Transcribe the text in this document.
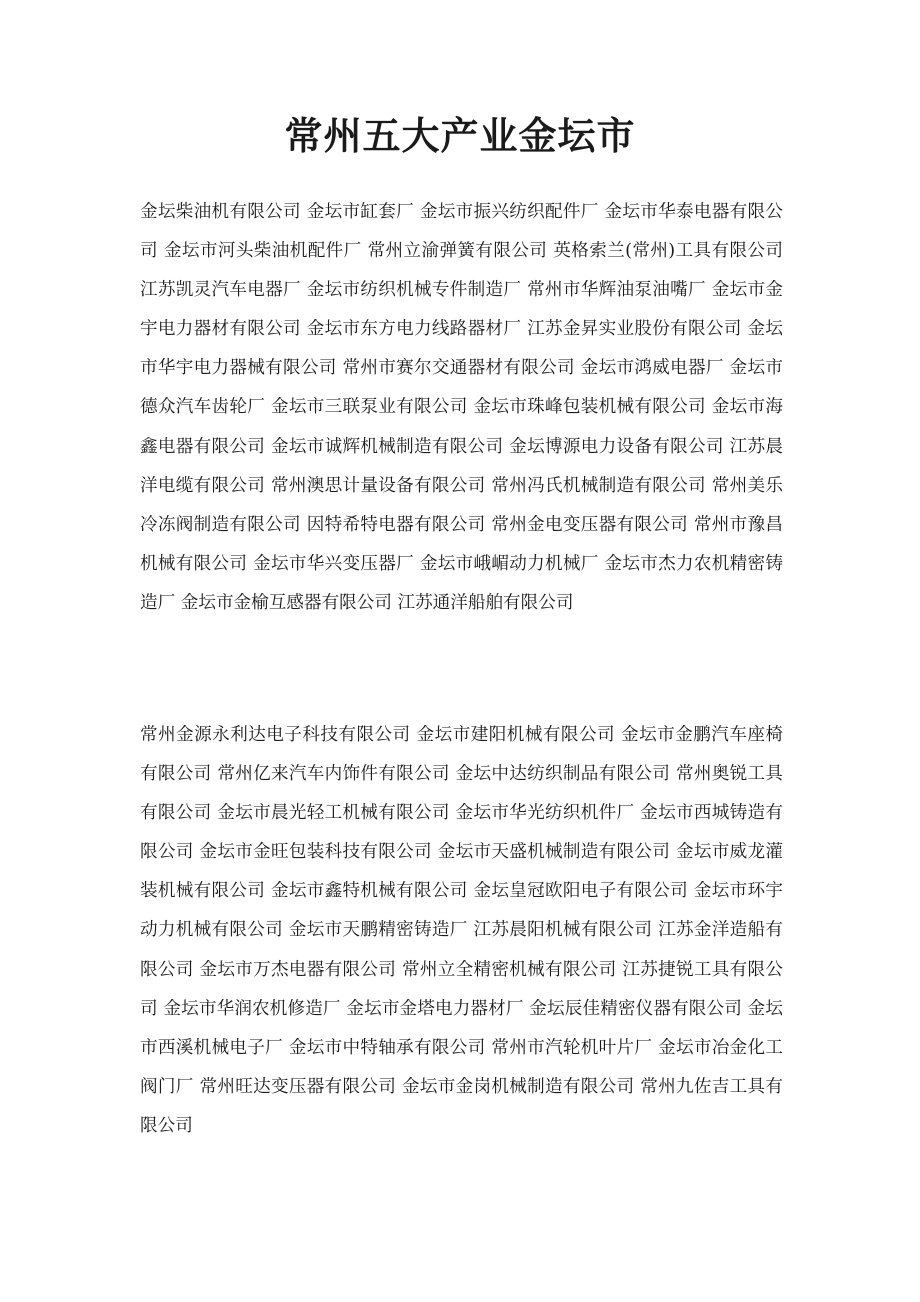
常州五大产业金坛市

金坛柴油机有限公司 金坛市缸套厂 金坛市振兴纺织配件厂 金坛市华泰电器有限公司 金坛市河头柴油机配件厂 常州立渝弹簧有限公司 英格索兰(常州)工具有限公司 江苏凯灵汽车电器厂 金坛市纺织机械专件制造厂 常州市华辉油泵油嘴厂 金坛市金宇电力器材有限公司 金坛市东方电力线路器材厂 江苏金昇实业股份有限公司 金坛市华宇电力器械有限公司 常州市赛尔交通器材有限公司 金坛市鸿威电器厂 金坛市德众汽车齿轮厂 金坛市三联泵业有限公司 金坛市珠峰包装机械有限公司 金坛市海鑫电器有限公司 金坛市诚辉机械制造有限公司 金坛博源电力设备有限公司 江苏晨洋电缆有限公司 常州澳思计量设备有限公司 常州冯氏机械制造有限公司 常州美乐冷冻阀制造有限公司 因特希特电器有限公司 常州金电变压器有限公司 常州市豫昌机械有限公司 金坛市华兴变压器厂 金坛市峨嵋动力机械厂 金坛市杰力农机精密铸造厂 金坛市金榆互感器有限公司 江苏通洋船舶有限公司

常州金源永利达电子科技有限公司 金坛市建阳机械有限公司 金坛市金鹏汽车座椅有限公司 常州亿来汽车内饰件有限公司 金坛中达纺织制品有限公司 常州奥锐工具有限公司 金坛市晨光轻工机械有限公司 金坛市华光纺织机件厂 金坛市西城铸造有限公司 金坛市金旺包装科技有限公司 金坛市天盛机械制造有限公司 金坛市威龙灌装机械有限公司 金坛市鑫特机械有限公司 金坛皇冠欧阳电子有限公司 金坛市环宇动力机械有限公司 金坛市天鹏精密铸造厂 江苏晨阳机械有限公司 江苏金洋造船有限公司 金坛市万杰电器有限公司 常州立全精密机械有限公司 江苏捷锐工具有限公司 金坛市华润农机修造厂 金坛市金塔电力器材厂 金坛辰佳精密仪器有限公司 金坛市西溪机械电子厂 金坛市中特轴承有限公司 常州市汽轮机叶片厂 金坛市冶金化工阀门厂 常州旺达变压器有限公司 金坛市金岗机械制造有限公司 常州九佐吉工具有限公司
